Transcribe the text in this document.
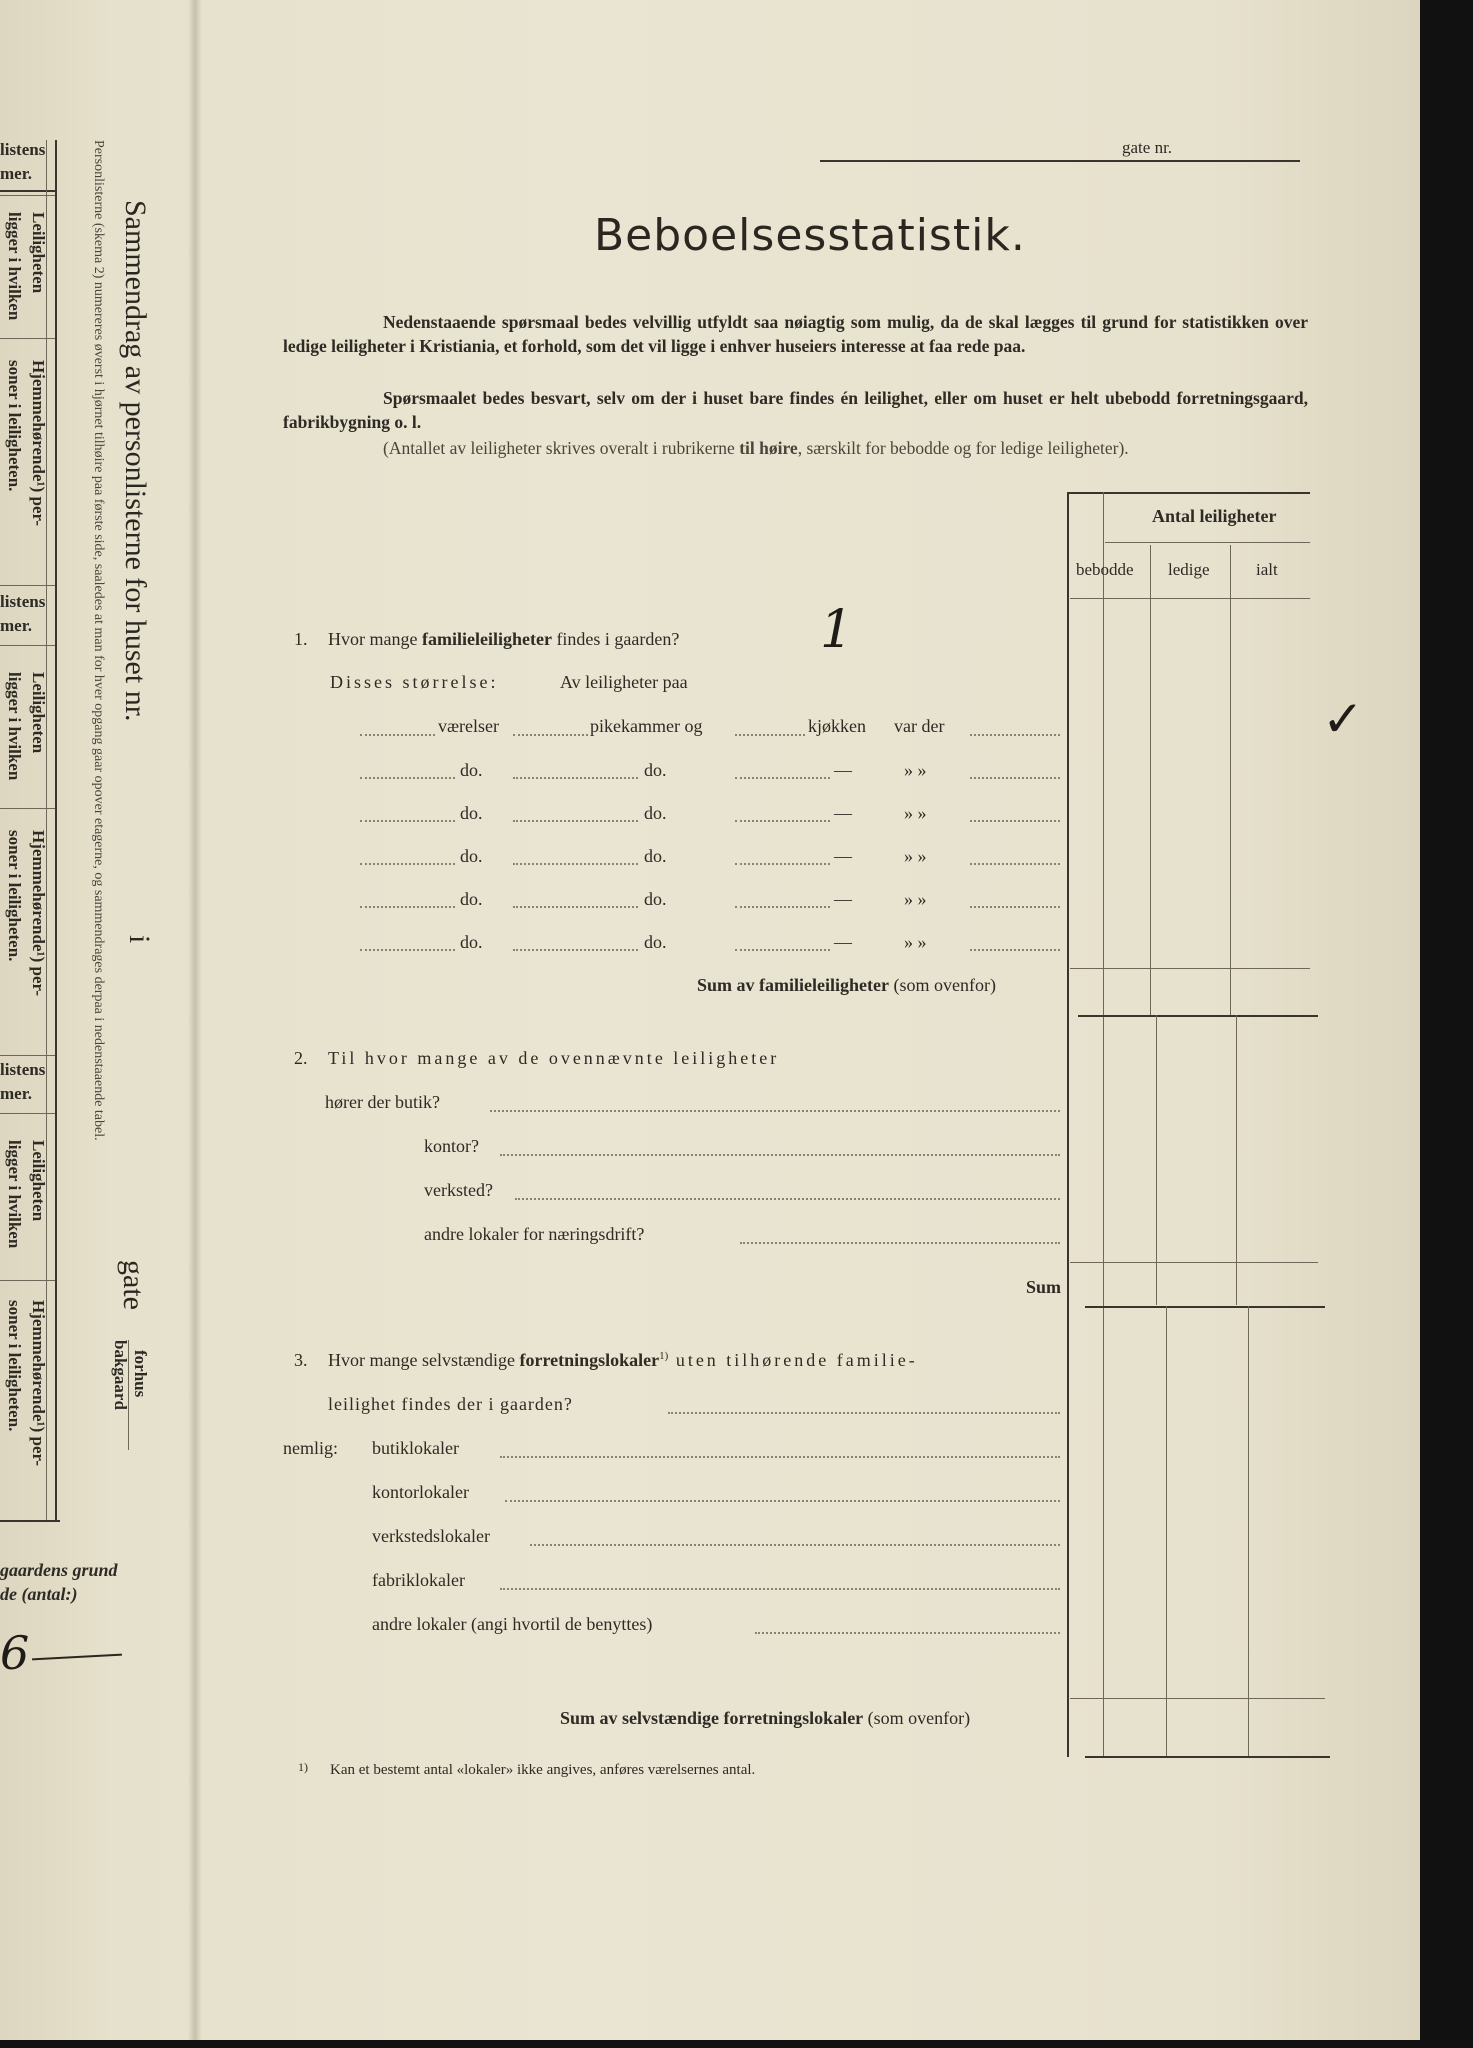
listens
mer.
Leiligheten
ligger i hvilken
Hjemmehørende¹) per-
soner i leiligheten.
listens
mer.
Leiligheten
ligger i hvilken
Hjemmehørende¹) per-
soner i leiligheten.
listens
mer.
Leiligheten
ligger i hvilken
Hjemmehørende¹) per-
soner i leiligheten.
gaardens grund
de (antal:)
6
Personlisterne (skema 2) numereres øverst i hjørnet tilhøire paa første side, saaledes at man for hver opgang gaar opover etagerne, og sammendrages derpaa i nedenstaaende tabel. Sammendrag av personlisterne for huset nr.
i
gate
forhus
bakgaard
gate nr.
Beboelsesstatistik.
Nedenstaaende spørsmaal bedes velvillig utfyldt saa nøiagtig som mulig, da de skal lægges til grund for statistikken over ledige leiligheter i Kristiania, et forhold, som det vil ligge i enhver huseiers interesse at faa rede paa.
Spørsmaalet bedes besvart, selv om der i huset bare findes én leilighet, eller om huset er helt ubebodd forretningsgaard, fabrikbygning o. l.
(Antallet av leiligheter skrives overalt i rubrikerne til høire, særskilt for bebodde og for ledige leiligheter).
Antal leiligheter
bebodde ledige	ialt
1. Hvor mange familieleiligheter findes i gaarden?	1
✓
Disses størrelse:	Av leiligheter paa
værelser	pikekammer og	kjøkken var der
do.	do.	—	» »
do.	do.	—	» »
do.	do.	—	» »
do.	do.	—	» »
do.	do.	—	» »
Sum av familieleiligheter (som ovenfor)
2. Til hvor mange av de ovennævnte leiligheter
hører der butik?
kontor?
verksted?
andre lokaler for næringsdrift?
Sum
3. Hvor mange selvstændige forretningslokaler$^{1)}$ uten tilhørende familie-
leilighet findes der i gaarden?
nemlig: butiklokaler
kontorlokaler
verkstedslokaler
fabriklokaler
andre lokaler (angi hvortil de benyttes)
Sum av selvstændige forretningslokaler (som ovenfor)
1) Kan et bestemt antal «lokaler» ikke angives, anføres værelsernes antal.
